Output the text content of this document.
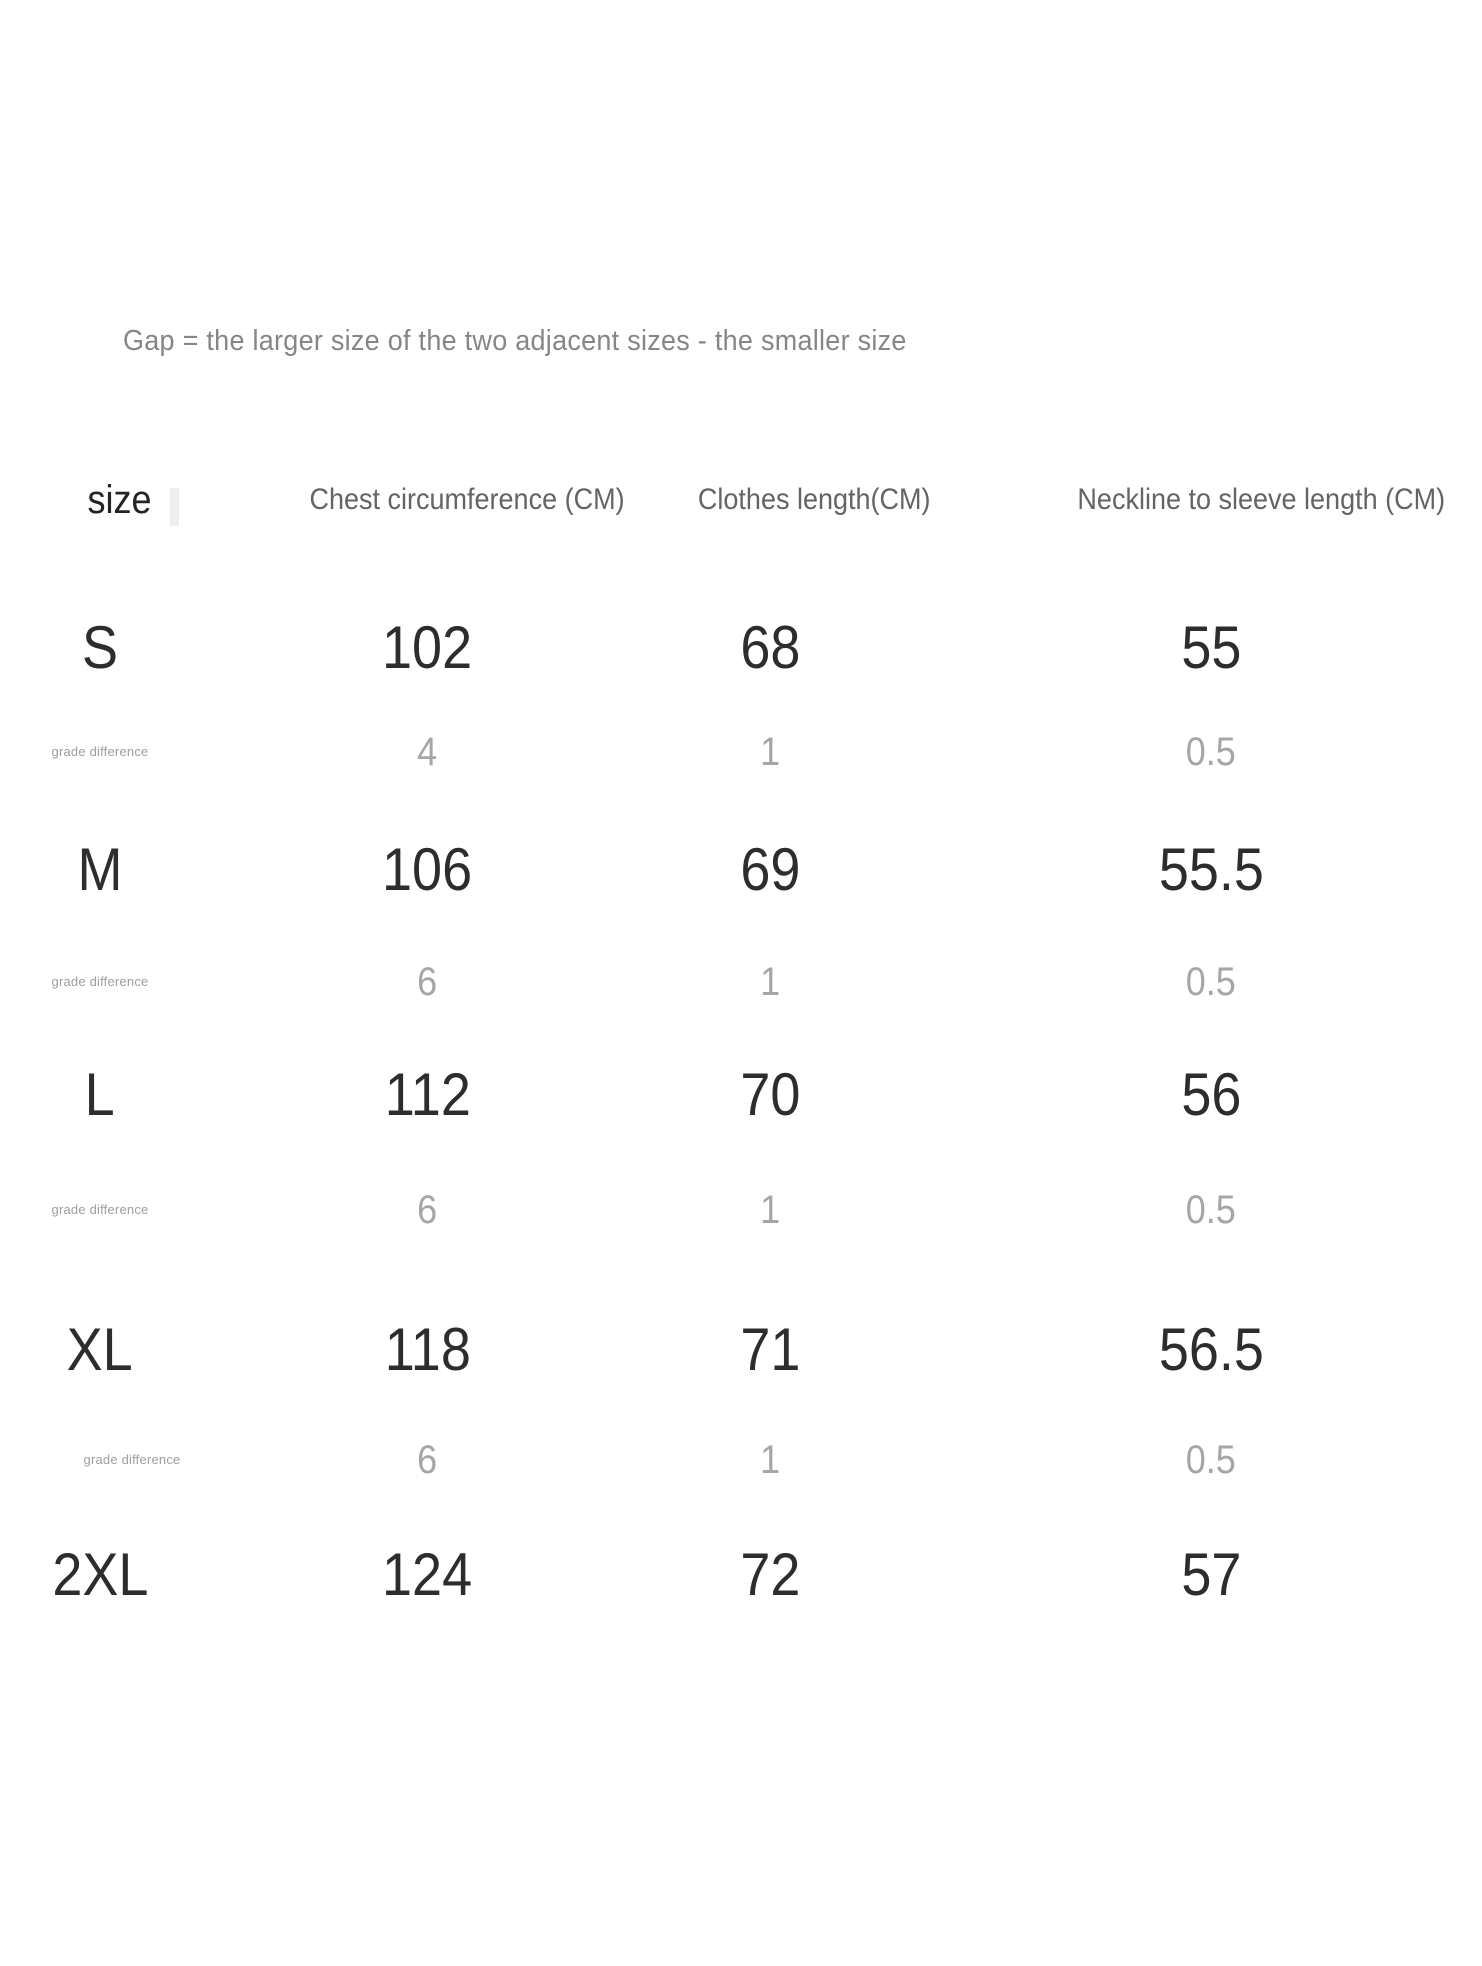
Gap = the larger size of the two adjacent sizes - the smaller size
size	Chest circumference (CM)	Clothes length(CM)	Neckline to sleeve length (CM)
S	102	68	55
grade difference	4	1	0.5
M	106	69	55.5
grade difference	6	1	0.5
L	112	70	56
grade difference	6	1	0.5
XL	118	71	56.5
grade difference	6	1	0.5
2XL	124	72	57
